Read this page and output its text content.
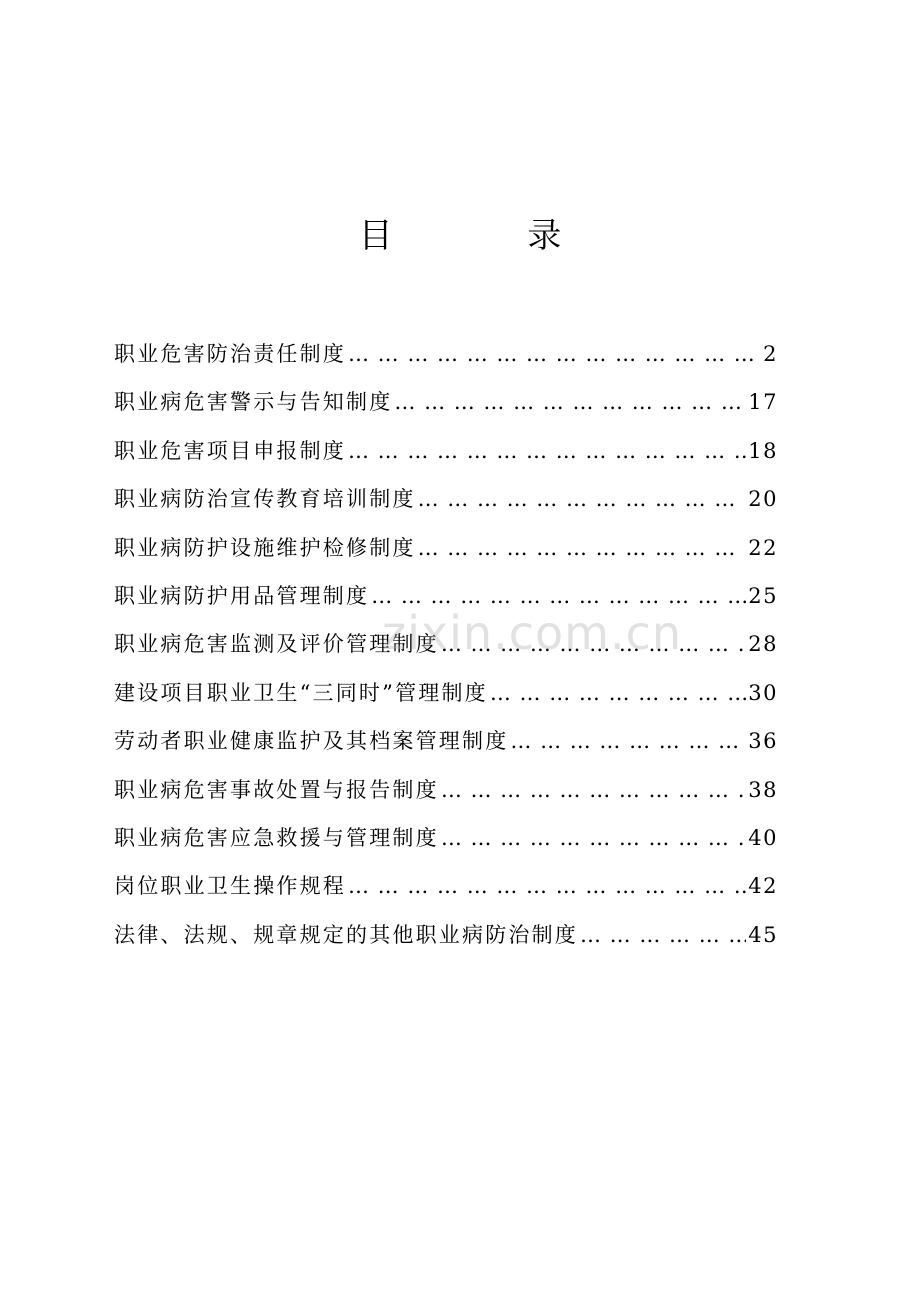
目 录
职业危害防治责任制度 … … … … … … … … … … … … … … … … … … … … … … … … … … … … … … … … … … … … … … …	2
职业病危害警示与告知制度 … … … … … … … … … … … … … … … … … … … … … … … … … … … … … … … … … … … … … … …	17
职业危害项目申报制度 … … … … … … … … … … … … … … … … … … … … … … … … … … … … … … … … … … … … … … …	18
职业病防治宣传教育培训制度 … … … … … … … … … … … … … … … … … … … … … … … … … … … … … … … … … … … … … … …	20
职业病防护设施维护检修制度 … … … … … … … … … … … … … … … … … … … … … … … … … … … … … … … … … … … … … … …	22
职业病防护用品管理制度 … … … … … … … … … … … … … … … … … … … … … … … … … … … … … … … … … … … … … … …	25
职业病危害监测及评价管理制度 … … … … … … … … … … … … … … … … … … … … … … … … … … … … … … … … … … … … … … …	28
建设项目职业卫生“三同时”管理制度 … … … … … … … … … … … … … … … … … … … … … … … … … … … … … … … … … … … … … … …	30
劳动者职业健康监护及其档案管理制度 … … … … … … … … … … … … … … … … … … … … … … … … … … … … … … … … … … … … … … …	36
职业病危害事故处置与报告制度 … … … … … … … … … … … … … … … … … … … … … … … … … … … … … … … … … … … … … … …	38
职业病危害应急救援与管理制度 … … … … … … … … … … … … … … … … … … … … … … … … … … … … … … … … … … … … … … …	40
岗位职业卫生操作规程 … … … … … … … … … … … … … … … … … … … … … … … … … … … … … … … … … … … … … … …	42
法律、法规、规章规定的其他职业病防治制度 … … … … … … … … … … … … … … … … … … … … … … … … … … … … … … … … … … … … … … …	45
zixin.com.cn
